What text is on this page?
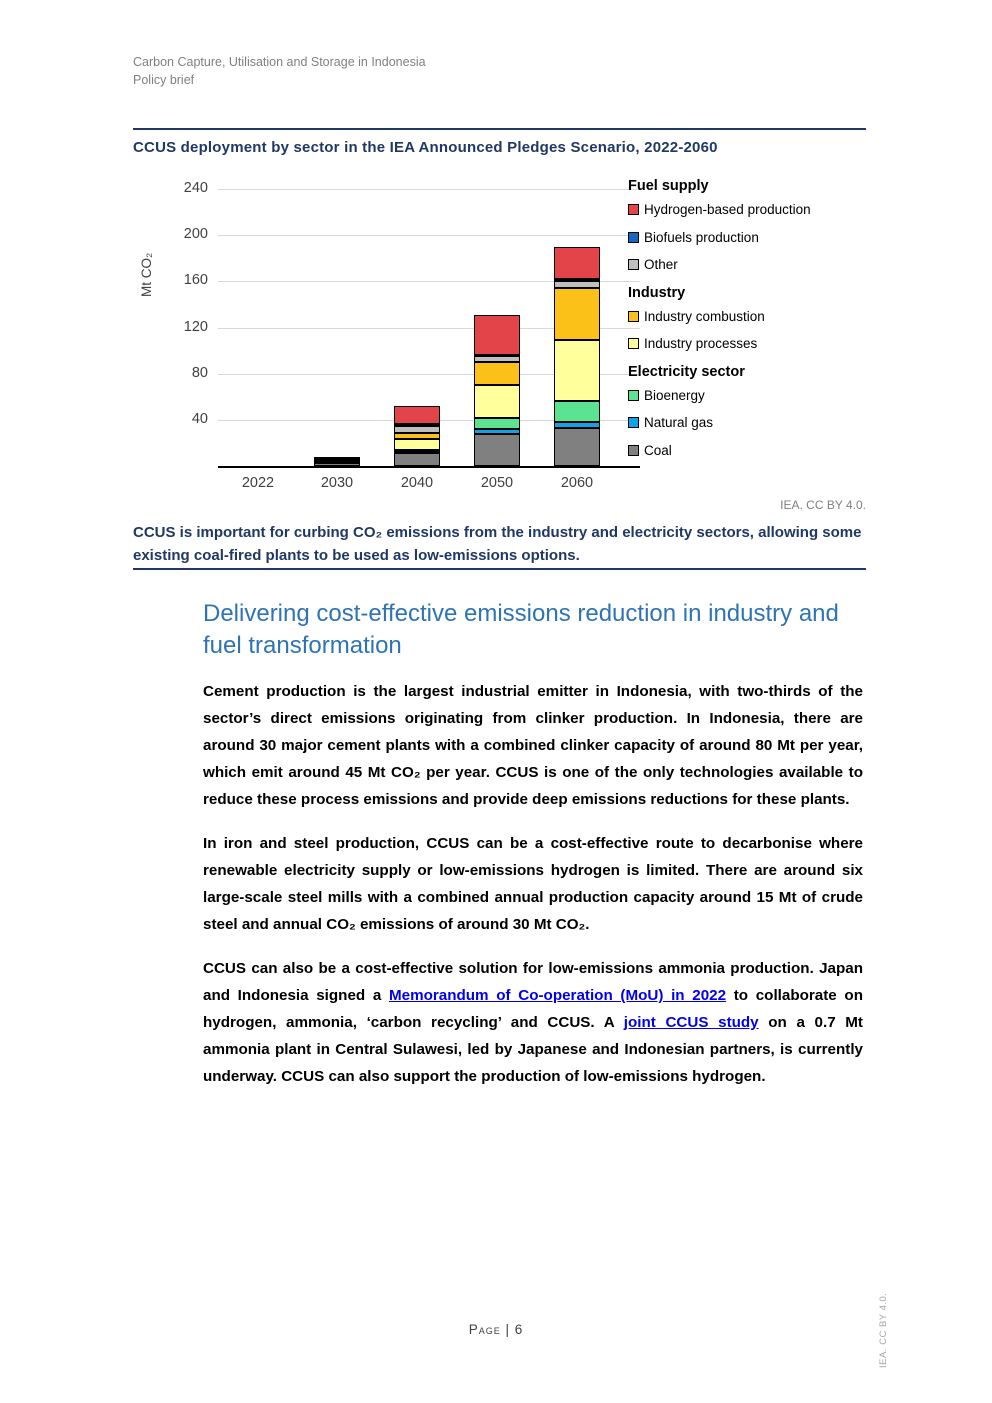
Carbon Capture, Utilisation and Storage in Indonesia
Policy brief
CCUS deployment by sector in the IEA Announced Pledges Scenario, 2022-2060
Mt CO₂
40
80
120
160
200
240
2022	2030	2040	2050	2060
Fuel supply
Hydrogen-based production
Biofuels production
Other
Industry
Industry combustion
Industry processes
Electricity sector
Bioenergy
Natural gas
Coal
IEA. CC BY 4.0.
CCUS is important for curbing CO₂ emissions from the industry and electricity sectors, allowing some existing coal-fired plants to be used as low-emissions options.
Delivering cost-effective emissions reduction in industry and fuel transformation

Cement production is the largest industrial emitter in Indonesia, with two-thirds of the sector’s direct emissions originating from clinker production. In Indonesia, there are around 30 major cement plants with a combined clinker capacity of around 80 Mt per year, which emit around 45 Mt CO₂ per year. CCUS is one of the only technologies available to reduce these process emissions and provide deep emissions reductions for these plants.

In iron and steel production, CCUS can be a cost-effective route to decarbonise where renewable electricity supply or low-emissions hydrogen is limited. There are around six large-scale steel mills with a combined annual production capacity around 15 Mt of crude steel and annual CO₂ emissions of around 30 Mt CO₂.

CCUS can also be a cost-effective solution for low-emissions ammonia production. Japan and Indonesia signed a Memorandum of Co-operation (MoU) in 2022 to collaborate on hydrogen, ammonia, ‘carbon recycling’ and CCUS. A joint CCUS study on a 0.7 Mt ammonia plant in Central Sulawesi, led by Japanese and Indonesian partners, is currently underway. CCUS can also support the production of low-emissions hydrogen.

Page | 6	IEA. CC BY 4.0.
